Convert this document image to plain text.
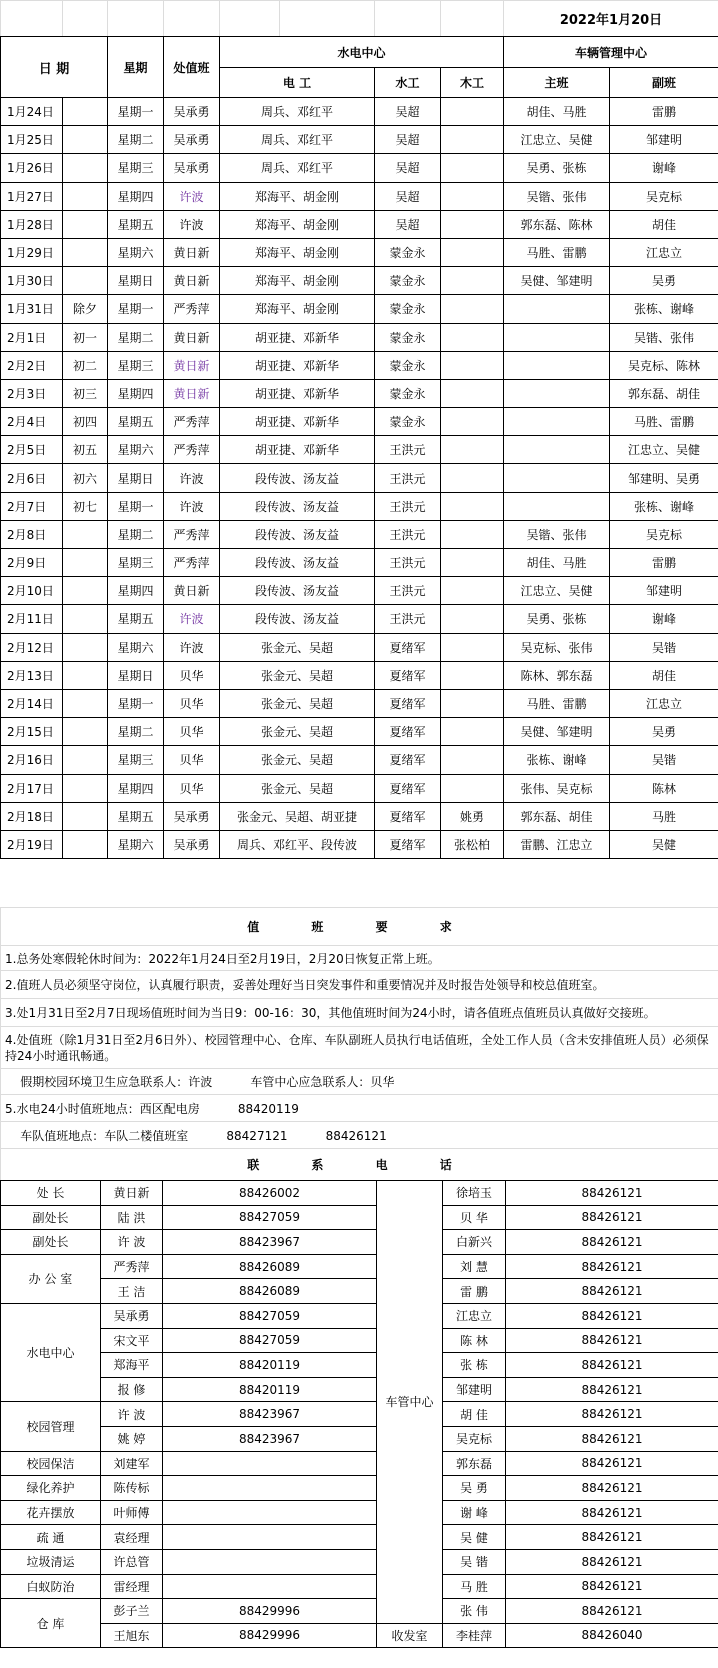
								2022年1月20日
日 期		星期	处值班	水电中心			车辆管理中心	
				电 工	水工	木工	主班	副班
1月24日		星期一	吴承勇	周兵、邓红平	吴超		胡佳、马胜	雷鹏
1月25日		星期二	吴承勇	周兵、邓红平	吴超		江忠立、吴健	邹建明
1月26日		星期三	吴承勇	周兵、邓红平	吴超		吴勇、张栋	谢峰
1月27日		星期四	许波	郑海平、胡金刚	吴超		吴锴、张伟	吴克标
1月28日		星期五	许波	郑海平、胡金刚	吴超		郭东磊、陈林	胡佳
1月29日		星期六	黄日新	郑海平、胡金刚	蒙金永		马胜、雷鹏	江忠立
1月30日		星期日	黄日新	郑海平、胡金刚	蒙金永		吴健、邹建明	吴勇
1月31日	除夕	星期一	严秀萍	郑海平、胡金刚	蒙金永			张栋、谢峰
2月1日	初一	星期二	黄日新	胡亚捷、邓新华	蒙金永			吴锴、张伟
2月2日	初二	星期三	黄日新	胡亚捷、邓新华	蒙金永			吴克标、陈林
2月3日	初三	星期四	黄日新	胡亚捷、邓新华	蒙金永			郭东磊、胡佳
2月4日	初四	星期五	严秀萍	胡亚捷、邓新华	蒙金永			马胜、雷鹏
2月5日	初五	星期六	严秀萍	胡亚捷、邓新华	王洪元			江忠立、吴健
2月6日	初六	星期日	许波	段传波、汤友益	王洪元			邹建明、吴勇
2月7日	初七	星期一	许波	段传波、汤友益	王洪元			张栋、谢峰
2月8日		星期二	严秀萍	段传波、汤友益	王洪元		吴锴、张伟	吴克标
2月9日		星期三	严秀萍	段传波、汤友益	王洪元		胡佳、马胜	雷鹏
2月10日		星期四	黄日新	段传波、汤友益	王洪元		江忠立、吴健	邹建明
2月11日		星期五	许波	段传波、汤友益	王洪元		吴勇、张栋	谢峰
2月12日		星期六	许波	张金元、吴超	夏绪军		吴克标、张伟	吴锴
2月13日		星期日	贝华	张金元、吴超	夏绪军		陈林、郭东磊	胡佳
2月14日		星期一	贝华	张金元、吴超	夏绪军		马胜、雷鹏	江忠立
2月15日		星期二	贝华	张金元、吴超	夏绪军		吴健、邹建明	吴勇
2月16日		星期三	贝华	张金元、吴超	夏绪军		张栋、谢峰	吴锴
2月17日		星期四	贝华	张金元、吴超	夏绪军		张伟、吴克标	陈林
2月18日		星期五	吴承勇	张金元、吴超、胡亚捷	夏绪军	姚勇	郭东磊、胡佳	马胜
2月19日		星期六	吴承勇	周兵、邓红平、段传波	夏绪军	张松柏	雷鹏、江忠立	吴健
值 班 要 求
1.总务处寒假轮休时间为：2022年1月24日至2月19日，2月20日恢复正常上班。
2.值班人员必须坚守岗位，认真履行职责，妥善处理好当日突发事件和重要情况并及时报告处领导和校总值班室。
3.处1月31日至2月7日现场值班时间为当日9：00-16：30，其他值班时间为24小时，请各值班点值班员认真做好交接班。
4.处值班（除1月31日至2月6日外）、校园管理中心、仓库、车队副班人员执行电话值班，全处工作人员（含未安排值班人员）必须保持24小时通讯畅通。
假期校园环境卫生应急联系人：许波          车管中心应急联系人：贝华
5.水电24小时值班地点：西区配电房          88420119
车队值班地点：车队二楼值班室          88427121          88426121
联 系 电 话
处 长	黄日新	88426002	车管中心	徐培玉	88426121
副处长	陆 洪	88427059		贝 华	88426121
副处长	许 波	88423967		白新兴	88426121
办 公 室	严秀萍	88426089		刘 慧	88426121
	王 洁	88426089		雷 鹏	88426121
水电中心	吴承勇	88427059		江忠立	88426121
	宋文平	88427059		陈 林	88426121
	郑海平	88420119		张 栋	88426121
	报 修	88420119		邹建明	88426121
校园管理	许 波	88423967		胡 佳	88426121
	姚 婷	88423967		吴克标	88426121
校园保洁	刘建军			郭东磊	88426121
绿化养护	陈传标			吴 勇	88426121
花卉摆放	叶师傅			谢 峰	88426121
疏 通	袁经理			吴 健	88426121
垃圾清运	许总管			吴 锴	88426121
白蚁防治	雷经理			马 胜	88426121
仓 库	彭子兰	88429996		张 伟	88426121
	王旭东	88429996	收发室	李桂萍	88426040
